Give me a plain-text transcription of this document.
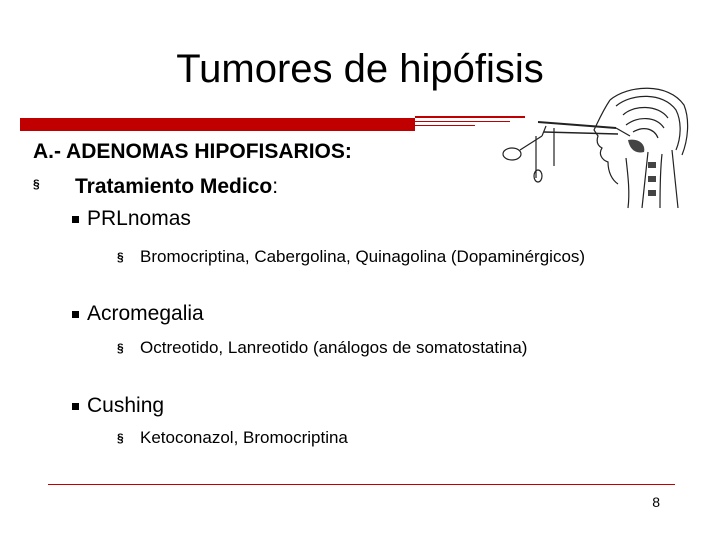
Tumores de hipófisis
A.- ADENOMAS HIPOFISARIOS:
§ Tratamiento Medico:
PRLnomas
§ Bromocriptina, Cabergolina, Quinagolina (Dopaminérgicos)
Acromegalia
§ Octreotido, Lanreotido (análogos de somatostatina)
Cushing
§ Ketoconazol, Bromocriptina
8
